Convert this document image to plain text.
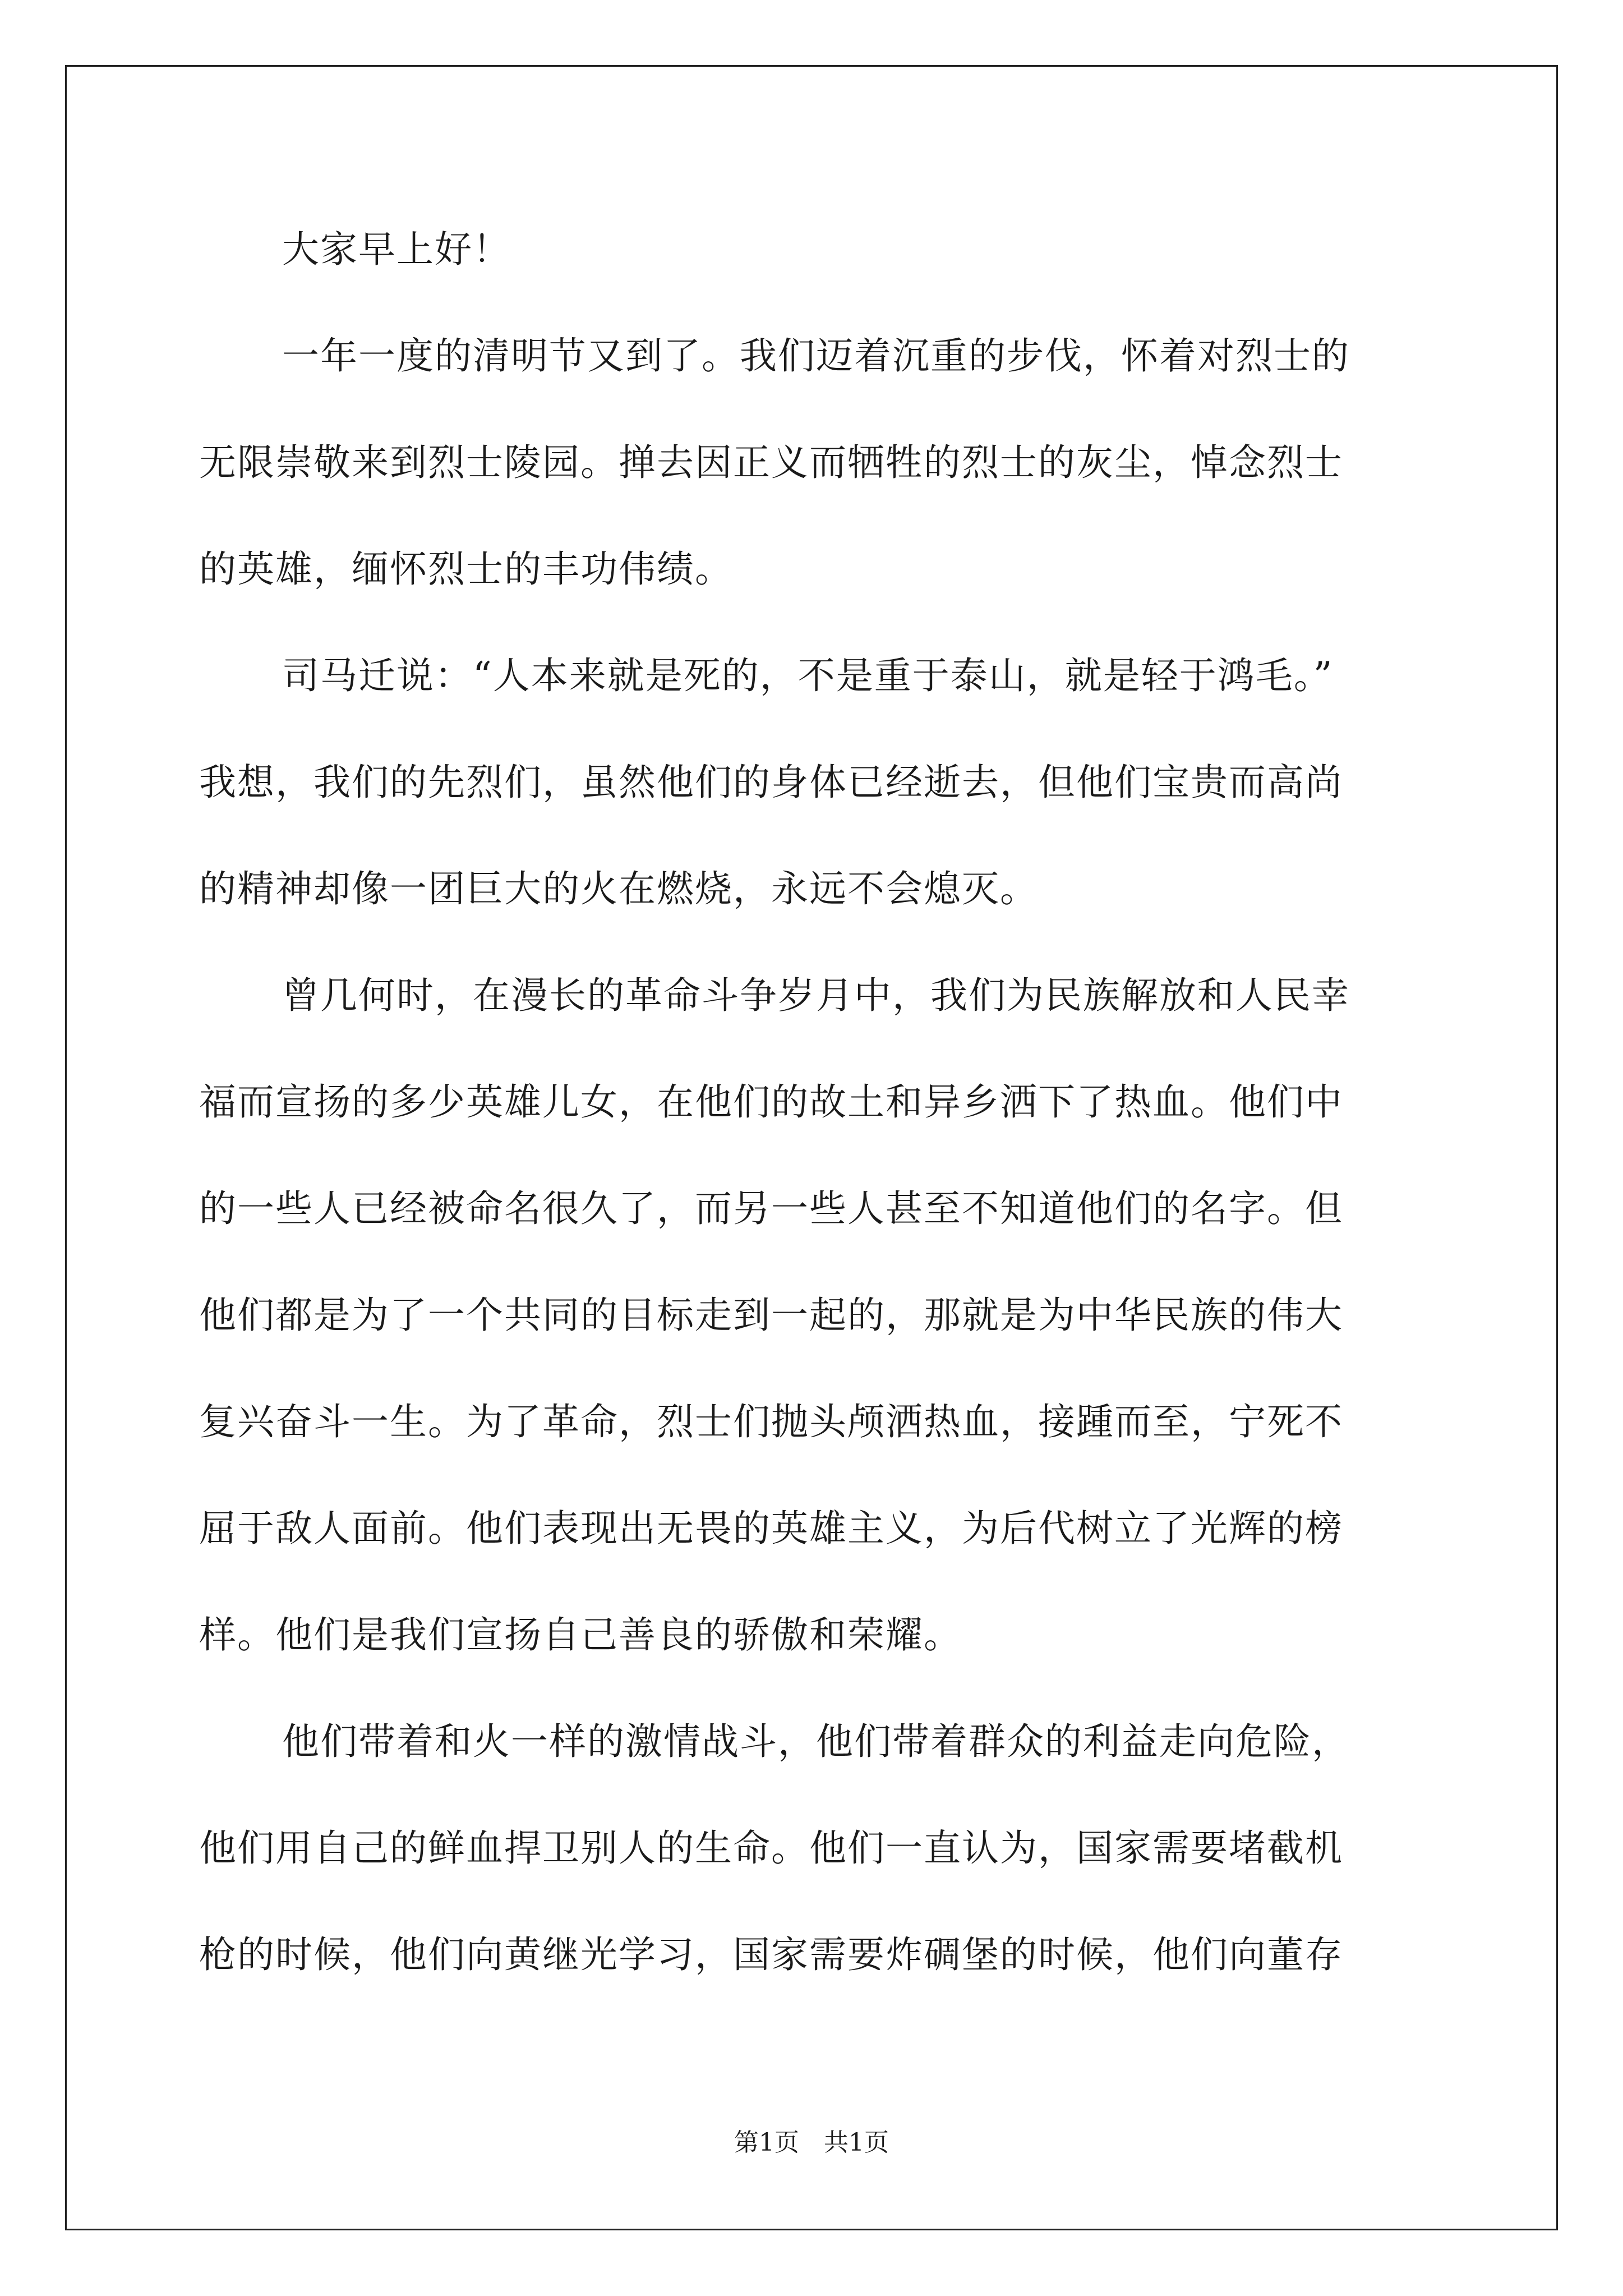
大家早上好！
一年一度的清明节又到了。我们迈着沉重的步伐，怀着对烈士的
无限崇敬来到烈士陵园。掸去因正义而牺牲的烈士的灰尘，悼念烈士
的英雄，缅怀烈士的丰功伟绩。
司马迁说：“人本来就是死的，不是重于泰山，就是轻于鸿毛。”
我想，我们的先烈们，虽然他们的身体已经逝去，但他们宝贵而高尚
的精神却像一团巨大的火在燃烧，永远不会熄灭。
曾几何时，在漫长的革命斗争岁月中，我们为民族解放和人民幸
福而宣扬的多少英雄儿女，在他们的故土和异乡洒下了热血。他们中
的一些人已经被命名很久了，而另一些人甚至不知道他们的名字。但
他们都是为了一个共同的目标走到一起的，那就是为中华民族的伟大
复兴奋斗一生。为了革命，烈士们抛头颅洒热血，接踵而至，宁死不
屈于敌人面前。他们表现出无畏的英雄主义，为后代树立了光辉的榜
样。他们是我们宣扬自己善良的骄傲和荣耀。
他们带着和火一样的激情战斗，他们带着群众的利益走向危险，
他们用自己的鲜血捍卫别人的生命。他们一直认为，国家需要堵截机
枪的时候，他们向黄继光学习，国家需要炸碉堡的时候，他们向董存
第1页　共1页
